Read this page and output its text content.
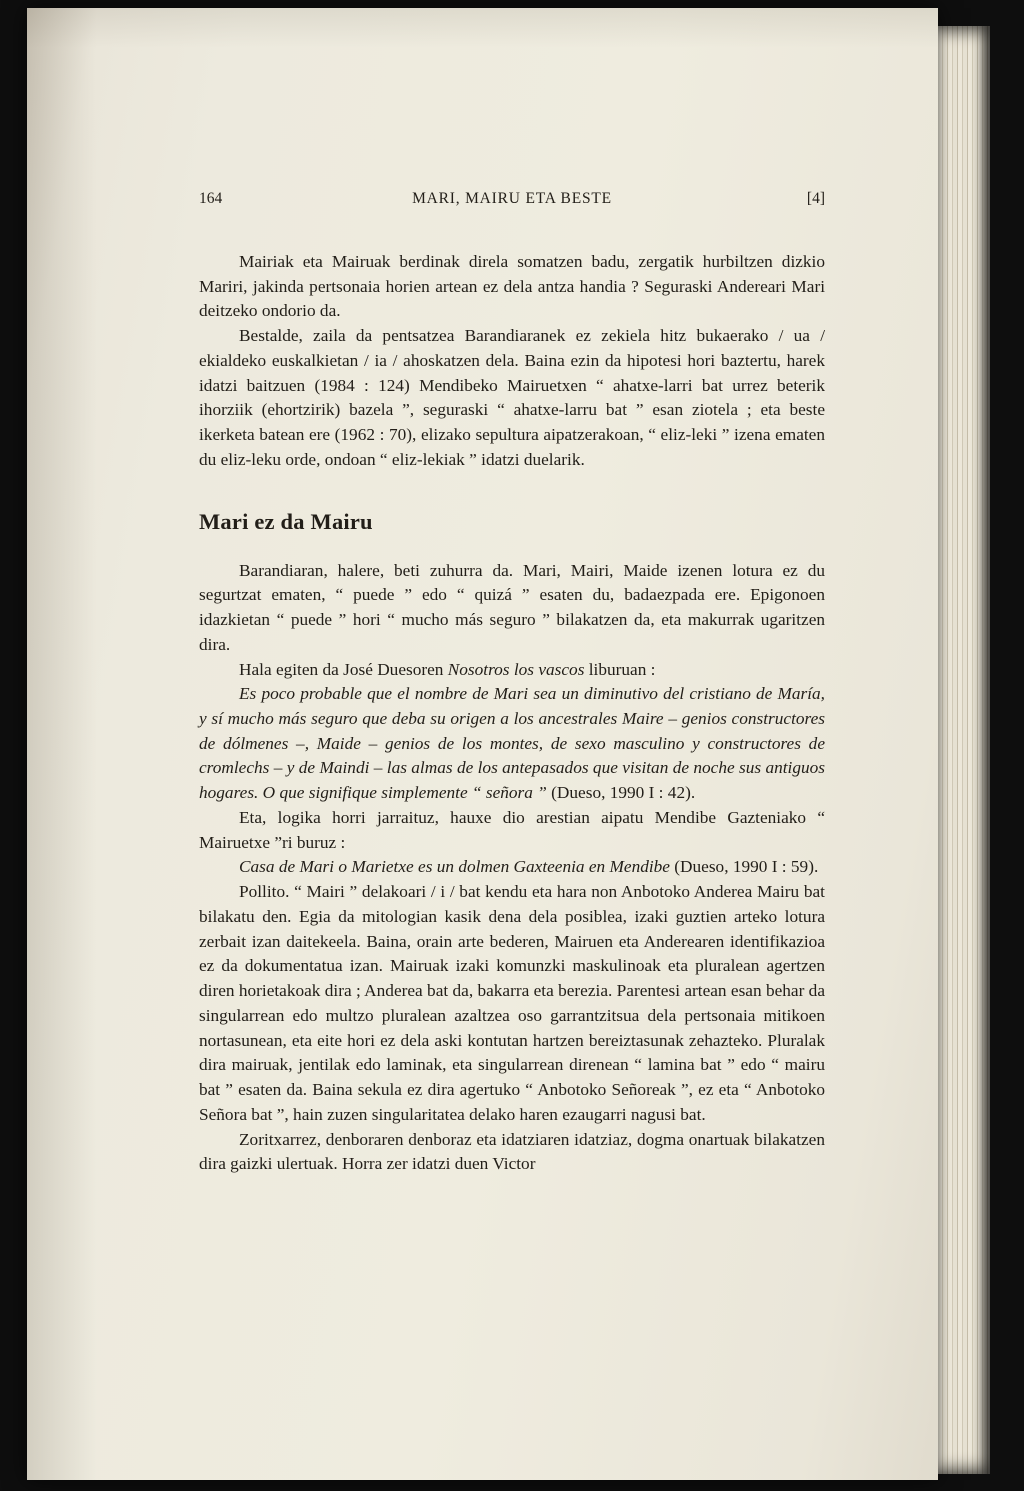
164	MARI, MAIRU ETA BESTE	[4]

Mairiak eta Mairuak berdinak direla somatzen badu, zergatik hurbiltzen dizkio Mariri, jakinda pertsonaia horien artean ez dela antza handia ? Seguraski Andereari Mari deitzeko ondorio da.

Bestalde, zaila da pentsatzea Barandiaranek ez zekiela hitz bukaerako / ua / ekialdeko euskalkietan / ia / ahoskatzen dela. Baina ezin da hipotesi hori baztertu, harek idatzi baitzuen (1984 : 124) Mendibeko Mairuetxen “ ahatxe-larri bat urrez beterik ihorziik (ehortzirik) bazela ”, seguraski “ ahatxe-larru bat ” esan ziotela ; eta beste ikerketa batean ere (1962 : 70), elizako sepultura aipatzerakoan, “ eliz-leki ” izena ematen du eliz-leku orde, ondoan “ eliz-lekiak ” idatzi duelarik.

Mari ez da Mairu

Barandiaran, halere, beti zuhurra da. Mari, Mairi, Maide izenen lotura ez du segurtzat ematen, “ puede ” edo “ quizá ” esaten du, badaezpada ere. Epigonoen idazkietan “ puede ” hori “ mucho más seguro ” bilakatzen da, eta makurrak ugaritzen dira.

Hala egiten da José Duesoren Nosotros los vascos liburuan :

Es poco probable que el nombre de Mari sea un diminutivo del cristiano de María, y sí mucho más seguro que deba su origen a los ancestrales Maire – genios constructores de dólmenes –, Maide – genios de los montes, de sexo masculino y constructores de cromlechs – y de Maindi – las almas de los antepasados que visitan de noche sus antiguos hogares. O que signifique simplemente “ señora ” (Dueso, 1990 I : 42).

Eta, logika horri jarraituz, hauxe dio arestian aipatu Mendibe Gazteniako “ Mairuetxe ”ri buruz :

Casa de Mari o Marietxe es un dolmen Gaxteenia en Mendibe (Dueso, 1990 I : 59).

Pollito. “ Mairi ” delakoari / i / bat kendu eta hara non Anbotoko Anderea Mairu bat bilakatu den. Egia da mitologian kasik dena dela posiblea, izaki guztien arteko lotura zerbait izan daitekeela. Baina, orain arte bederen, Mairuen eta Anderearen identifikazioa ez da dokumentatua izan. Mairuak izaki komunzki maskulinoak eta pluralean agertzen diren horietakoak dira ; Anderea bat da, bakarra eta berezia. Parentesi artean esan behar da singularrean edo multzo pluralean azaltzea oso garrantzitsua dela pertsonaia mitikoen nortasunean, eta eite hori ez dela aski kontutan hartzen bereiztasunak zehazteko. Pluralak dira mairuak, jentilak edo laminak, eta singularrean direnean “ lamina bat ” edo “ mairu bat ” esaten da. Baina sekula ez dira agertuko “ Anbotoko Señoreak ”, ez eta “ Anbotoko Señora bat ”, hain zuzen singularitatea delako haren ezaugarri nagusi bat.

Zoritxarrez, denboraren denboraz eta idatziaren idatziaz, dogma onartuak bilakatzen dira gaizki ulertuak. Horra zer idatzi duen Victor
